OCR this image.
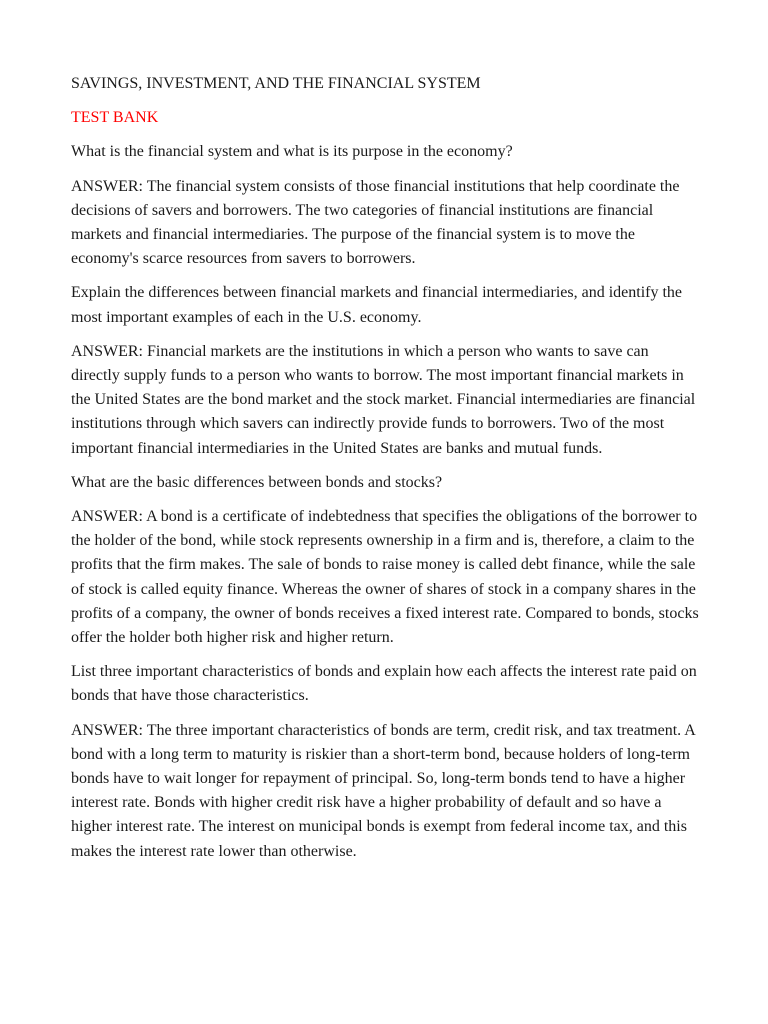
SAVINGS, INVESTMENT, AND THE FINANCIAL SYSTEM

TEST BANK

What is the financial system and what is its purpose in the economy?

ANSWER: The financial system consists of those financial institutions that help coordinate the decisions of savers and borrowers. The two categories of financial institutions are financial markets and financial intermediaries. The purpose of the financial system is to move the economy's scarce resources from savers to borrowers.

Explain the differences between financial markets and financial intermediaries, and identify the most important examples of each in the U.S. economy.

ANSWER: Financial markets are the institutions in which a person who wants to save can directly supply funds to a person who wants to borrow. The most important financial markets in the United States are the bond market and the stock market. Financial intermediaries are financial institutions through which savers can indirectly provide funds to borrowers. Two of the most important financial intermediaries in the United States are banks and mutual funds.

What are the basic differences between bonds and stocks?

ANSWER: A bond is a certificate of indebtedness that specifies the obligations of the borrower to the holder of the bond, while stock represents ownership in a firm and is, therefore, a claim to the profits that the firm makes. The sale of bonds to raise money is called debt finance, while the sale of stock is called equity finance. Whereas the owner of shares of stock in a company shares in the profits of a company, the owner of bonds receives a fixed interest rate. Compared to bonds, stocks offer the holder both higher risk and higher return.

List three important characteristics of bonds and explain how each affects the interest rate paid on bonds that have those characteristics.

ANSWER: The three important characteristics of bonds are term, credit risk, and tax treatment. A bond with a long term to maturity is riskier than a short-term bond, because holders of long-term bonds have to wait longer for repayment of principal. So, long-term bonds tend to have a higher interest rate. Bonds with higher credit risk have a higher probability of default and so have a higher interest rate. The interest on municipal bonds is exempt from federal income tax, and this makes the interest rate lower than otherwise.
